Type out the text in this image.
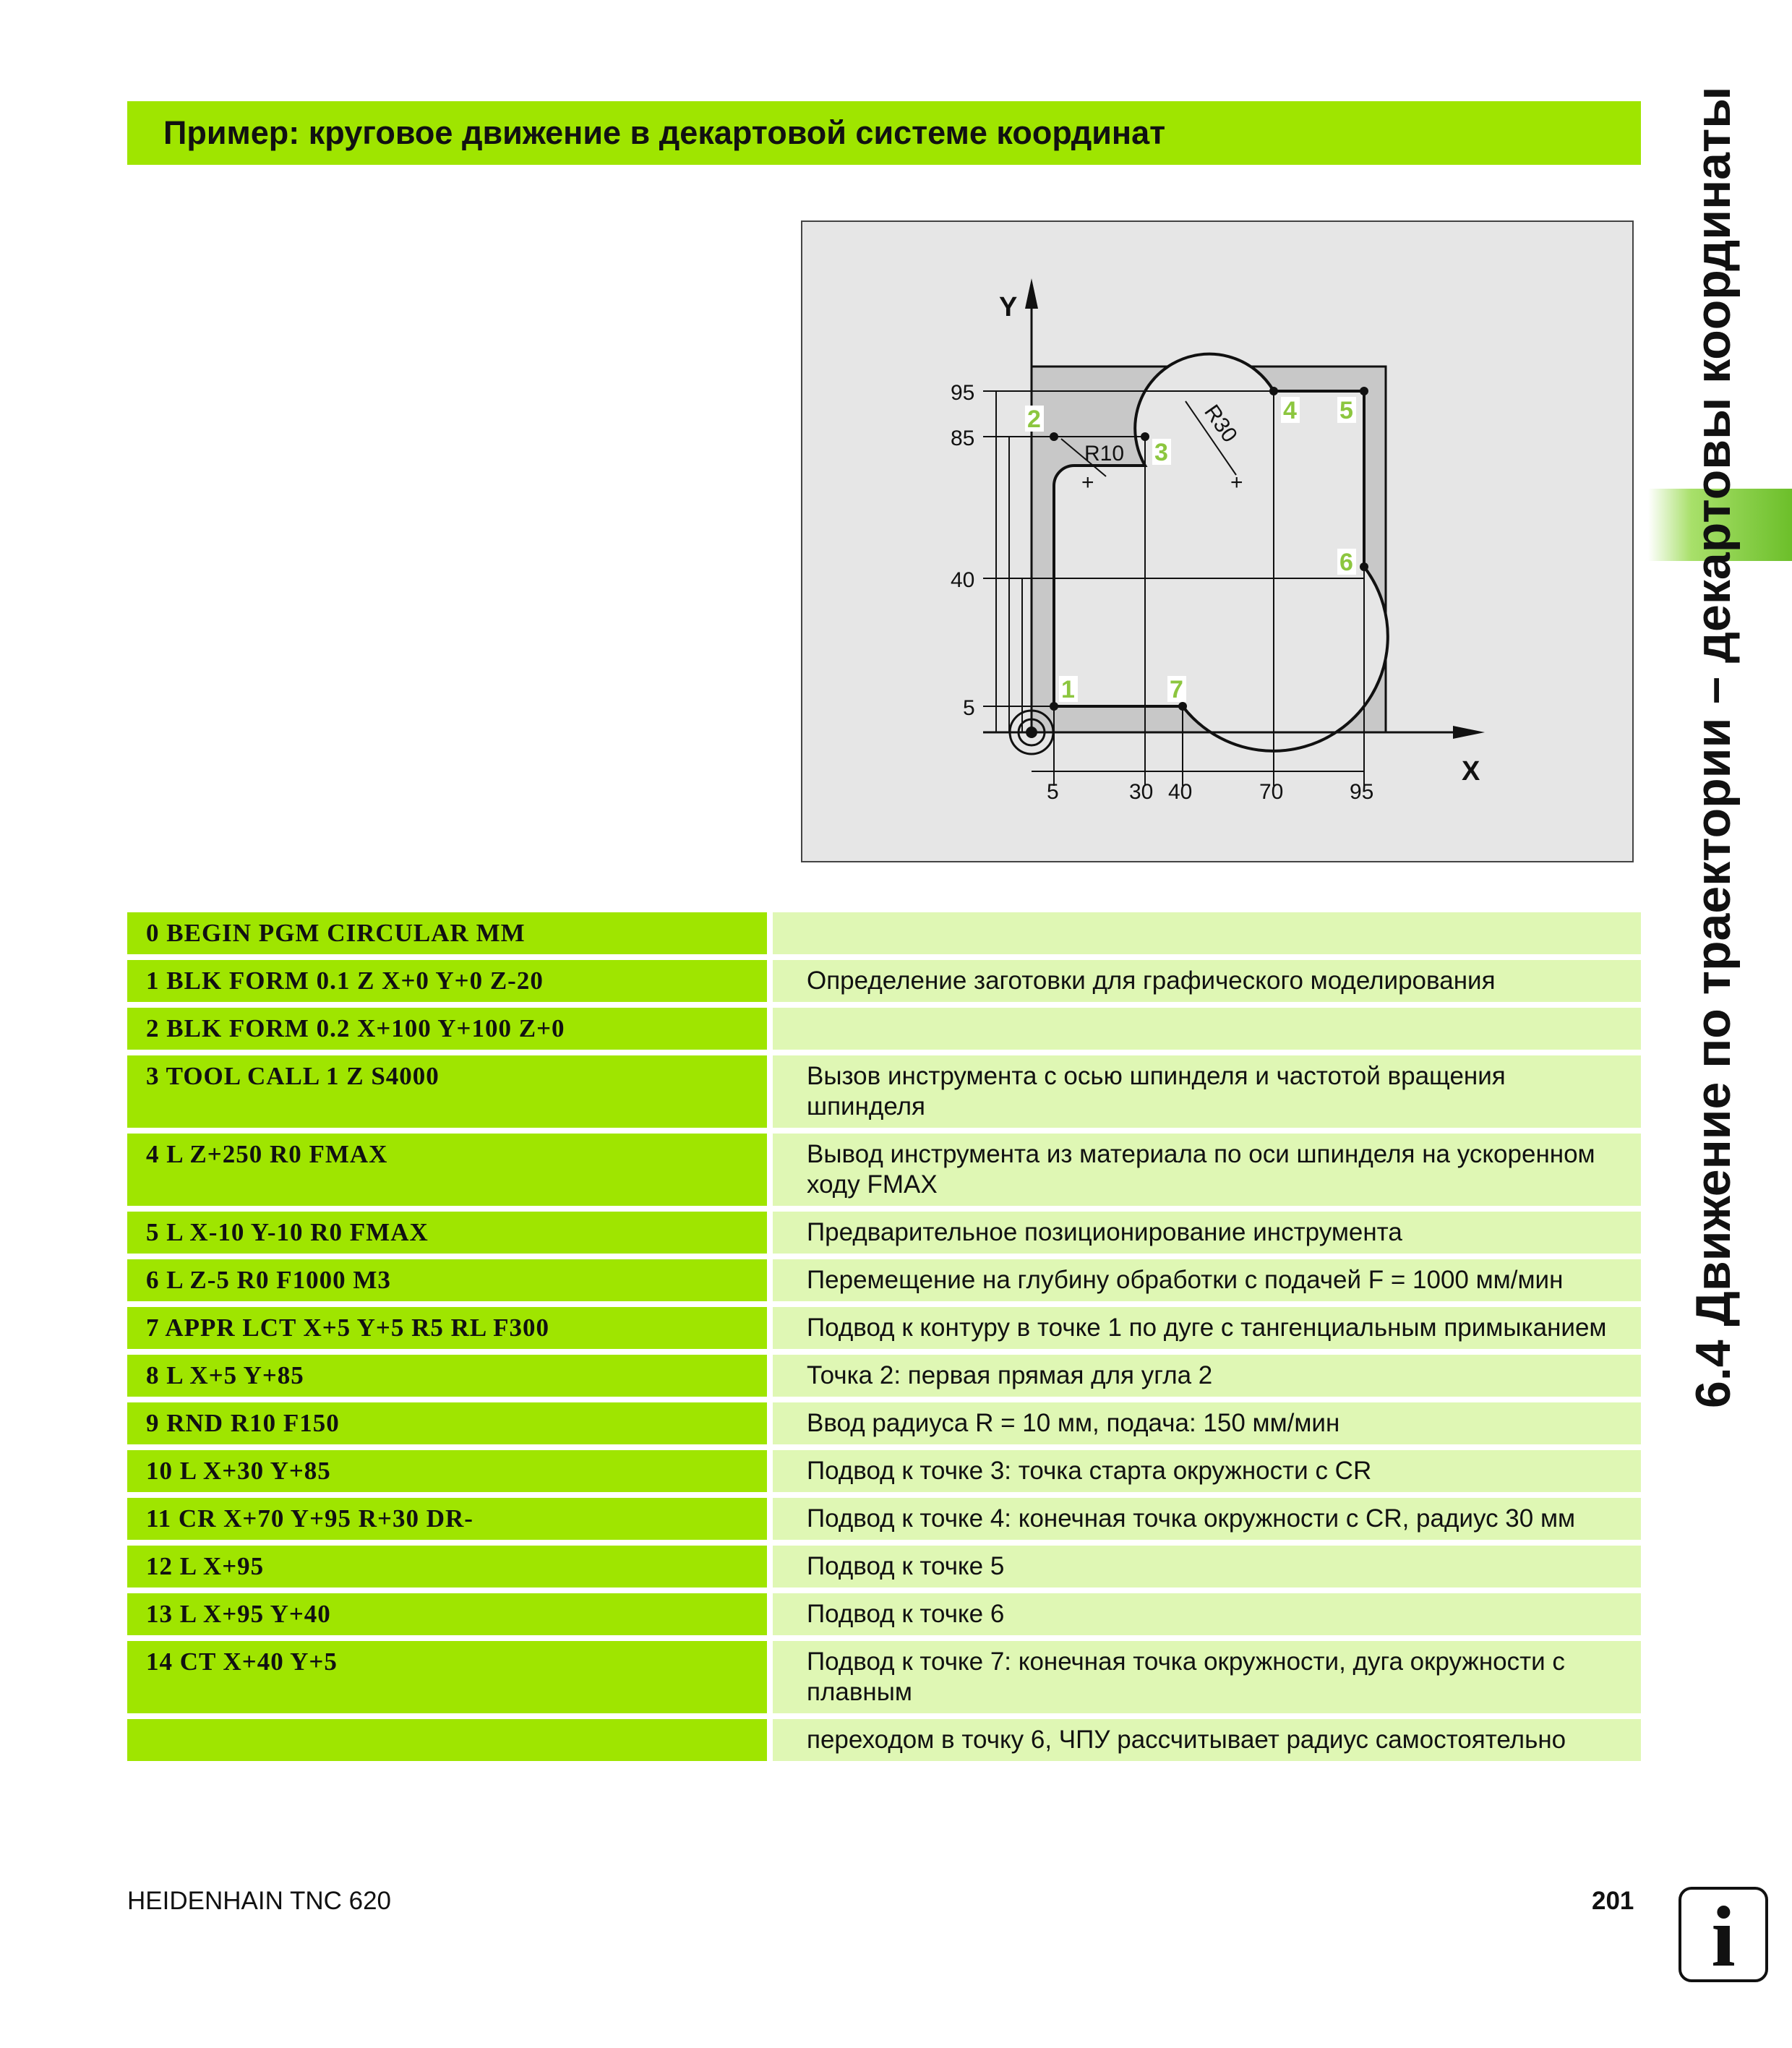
Пример: круговое движение в декартовой системе координат	6.4 Движение по траектории – декартовы координаты
Y
X
+	+
R10
R30
95
85
40
5
5	30 40	70	95
1
2
3
4 5
6
7
0 BEGIN PGM CIRCULAR MM
1 BLK FORM 0.1 Z X+0 Y+0 Z-20	Определение заготовки для графического моделирования
2 BLK FORM 0.2 X+100 Y+100 Z+0
3 TOOL CALL 1 Z S4000	Вызов инструмента с осью шпинделя и частотой вращения шпинделя
4 L Z+250 R0 FMAX	Вывод инструмента из материала по оси шпинделя на ускоренном ходу FMAX
5 L X-10 Y-10 R0 FMAX	Предварительное позиционирование инструмента
6 L Z-5 R0 F1000 M3	Перемещение на глубину обработки с подачей F = 1000 мм/мин
7 APPR LCT X+5 Y+5 R5 RL F300	Подвод к контуру в точке 1 по дуге с тангенциальным примыканием
8 L X+5 Y+85	Точка 2: первая прямая для угла 2
9 RND R10 F150	Ввод радиуса R = 10 мм, подача: 150 мм/мин
10 L X+30 Y+85	Подвод к точке 3: точка старта окружности с CR
11 CR X+70 Y+95 R+30 DR-	Подвод к точке 4: конечная точка окружности с CR, радиус 30 мм
12 L X+95	Подвод к точке 5
13 L X+95 Y+40	Подвод к точке 6
14 CT X+40 Y+5	Подвод к точке 7: конечная точка окружности, дуга окружности с плавным
переходом в точку 6, ЧПУ рассчитывает радиус самостоятельно
HEIDENHAIN TNC 620	201 i
